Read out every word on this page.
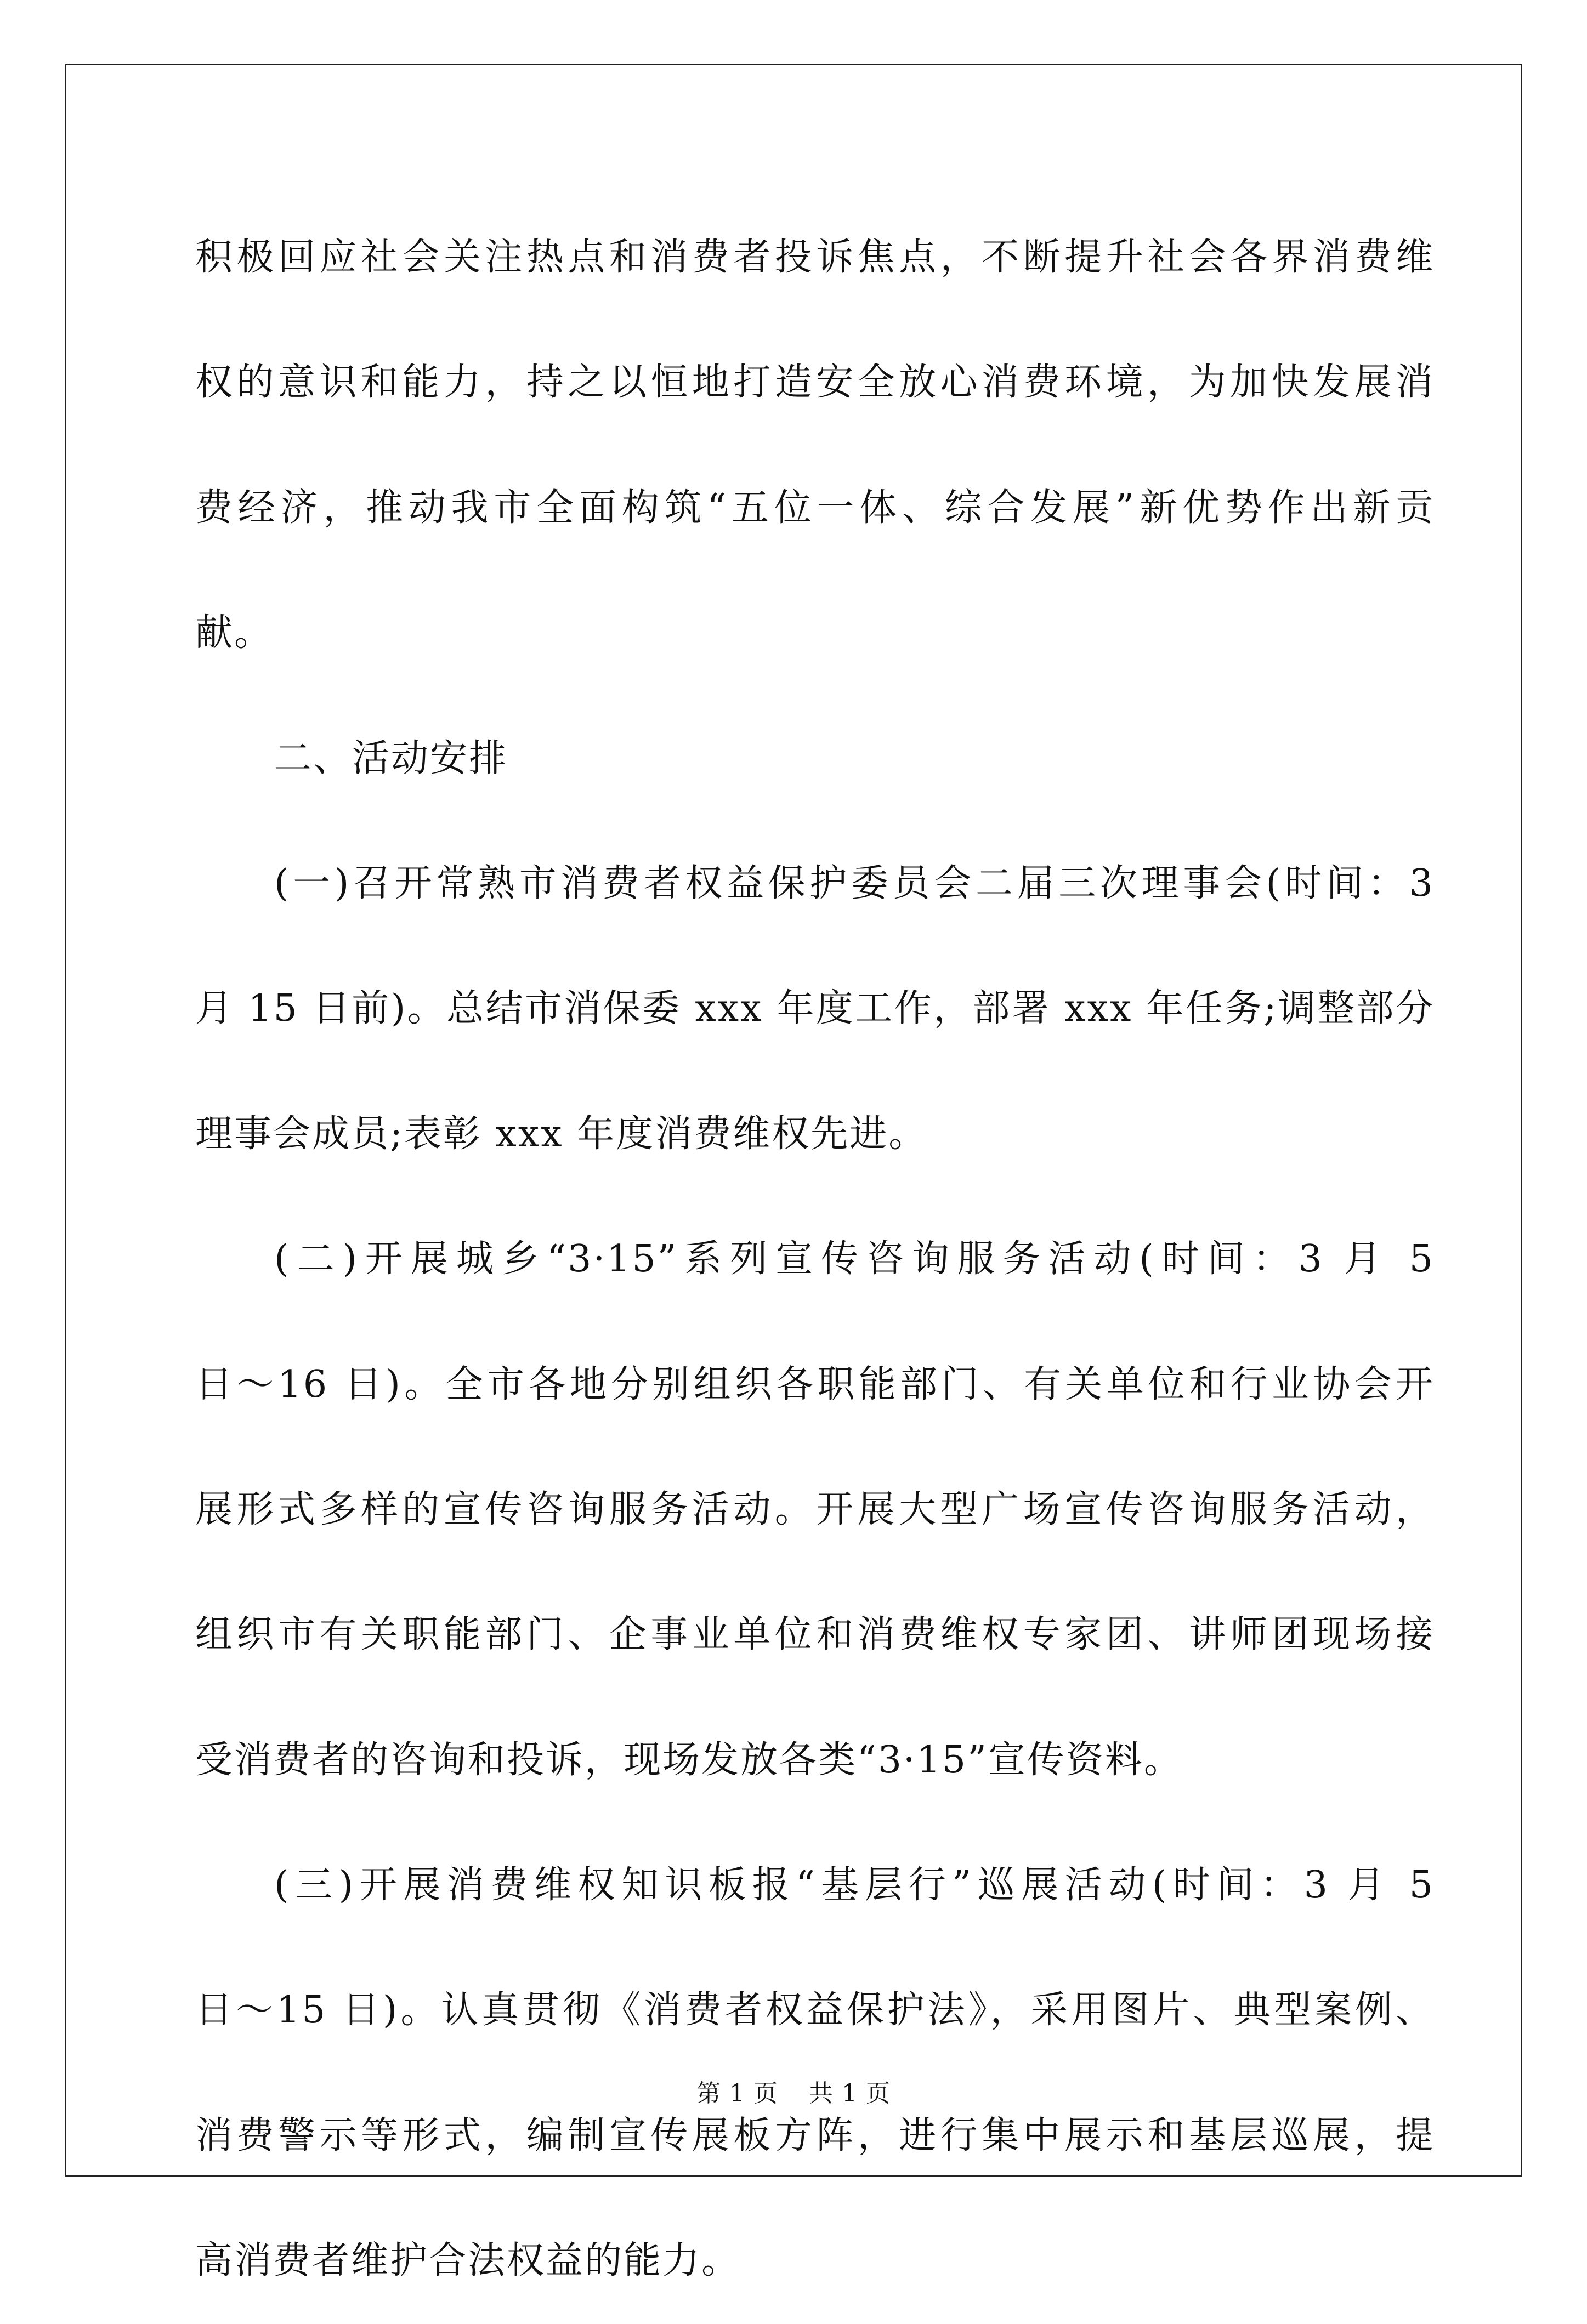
积极回应社会关注热点和消费者投诉焦点，不断提升社会各界消费维
权的意识和能力，持之以恒地打造安全放心消费环境，为加快发展消
费经济，推动我市全面构筑“五位一体、综合发展”新优势作出新贡
献。
二、活动安排
(一)召开常熟市消费者权益保护委员会二届三次理事会(时间：3
月 15 日前)。总结市消保委 xxx 年度工作，部署 xxx 年任务;调整部分
理事会成员;表彰 xxx 年度消费维权先进。
(二)开展城乡“3·15”系列宣传咨询服务活动(时间：3 月 5
日～16 日)。全市各地分别组织各职能部门、有关单位和行业协会开
展形式多样的宣传咨询服务活动。开展大型广场宣传咨询服务活动，
组织市有关职能部门、企事业单位和消费维权专家团、讲师团现场接
受消费者的咨询和投诉，现场发放各类“3·15”宣传资料。
(三)开展消费维权知识板报“基层行”巡展活动(时间：3 月 5
日～15 日)。认真贯彻《消费者权益保护法》，采用图片、典型案例、
消费警示等形式，编制宣传展板方阵，进行集中展示和基层巡展，提
高消费者维护合法权益的能力。
第 1 页 共 1 页
